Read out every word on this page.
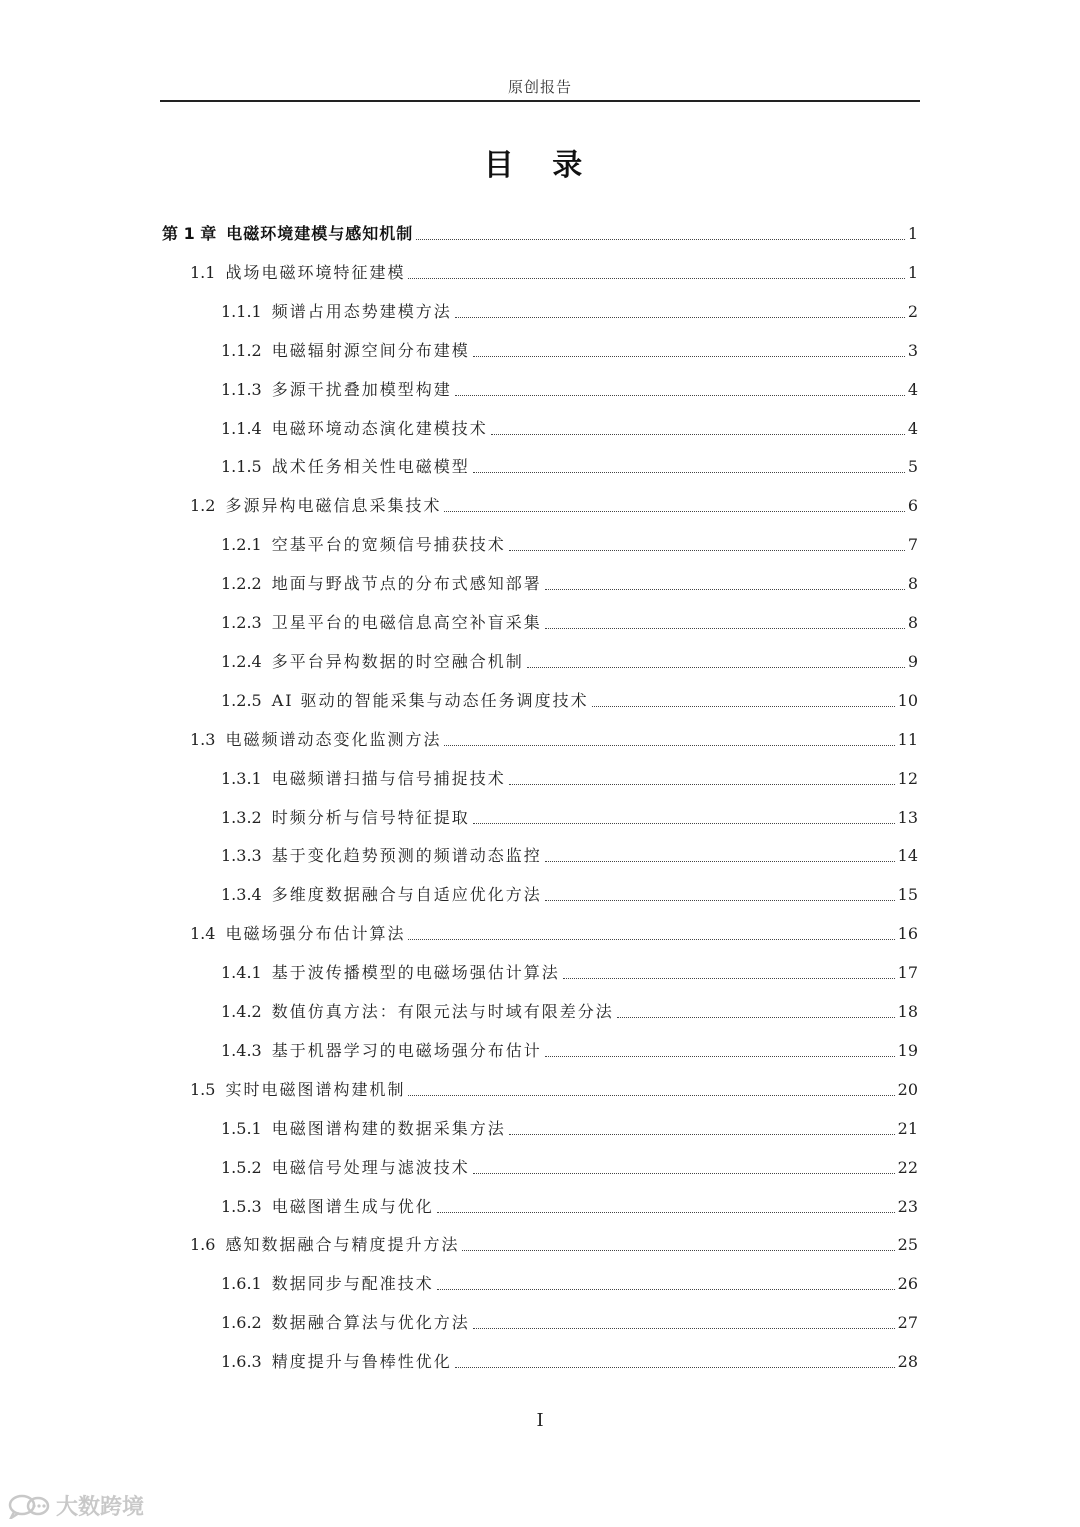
原创报告
目 录
第 1 章 电磁环境建模与感知机制	1
1.1 战场电磁环境特征建模	1
1.1.1 频谱占用态势建模方法	2
1.1.2 电磁辐射源空间分布建模	3
1.1.3 多源干扰叠加模型构建	4
1.1.4 电磁环境动态演化建模技术	4
1.1.5 战术任务相关性电磁模型	5
1.2 多源异构电磁信息采集技术	6
1.2.1 空基平台的宽频信号捕获技术	7
1.2.2 地面与野战节点的分布式感知部署	8
1.2.3 卫星平台的电磁信息高空补盲采集	8
1.2.4 多平台异构数据的时空融合机制	9
1.2.5 AI 驱动的智能采集与动态任务调度技术	10
1.3 电磁频谱动态变化监测方法	11
1.3.1 电磁频谱扫描与信号捕捉技术	12
1.3.2 时频分析与信号特征提取	13
1.3.3 基于变化趋势预测的频谱动态监控	14
1.3.4 多维度数据融合与自适应优化方法	15
1.4 电磁场强分布估计算法	16
1.4.1 基于波传播模型的电磁场强估计算法	17
1.4.2 数值仿真方法：有限元法与时域有限差分法	18
1.4.3 基于机器学习的电磁场强分布估计	19
1.5 实时电磁图谱构建机制	20
1.5.1 电磁图谱构建的数据采集方法	21
1.5.2 电磁信号处理与滤波技术	22
1.5.3 电磁图谱生成与优化	23
1.6 感知数据融合与精度提升方法	25
1.6.1 数据同步与配准技术	26
1.6.2 数据融合算法与优化方法	27
1.6.3 精度提升与鲁棒性优化	28
I
大数跨境
